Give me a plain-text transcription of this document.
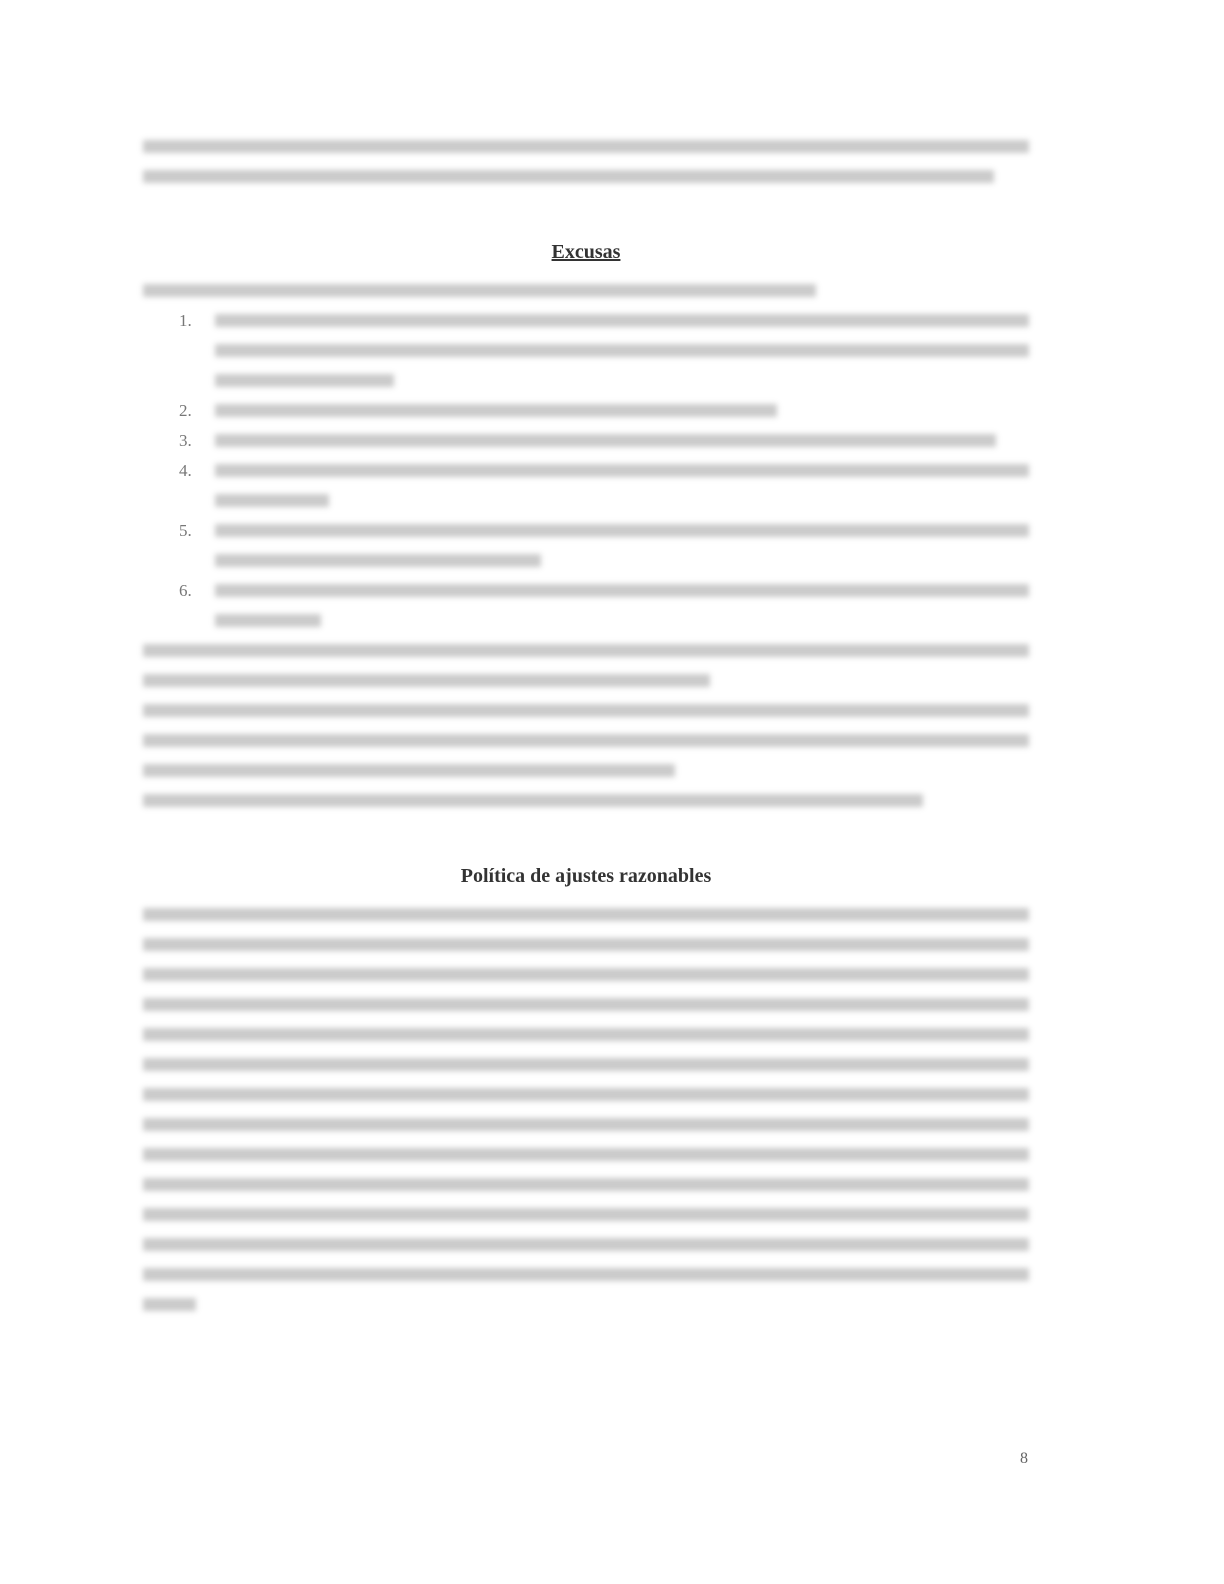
Excusas
1.
2.
3.
4.
5.
6.
Política de ajustes razonables
8
